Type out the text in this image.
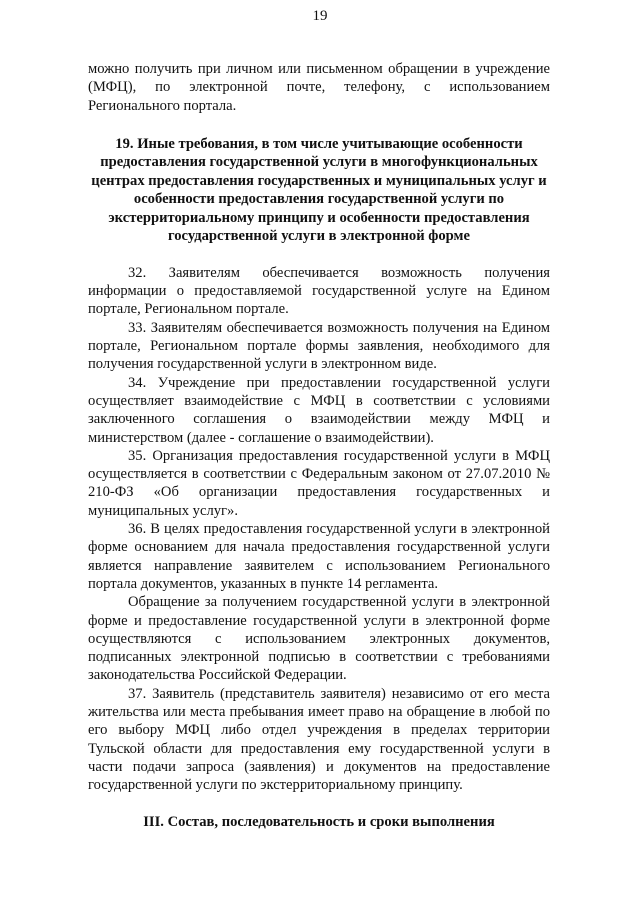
19

можно получить при личном или письменном обращении в учреждение (МФЦ), по электронной почте, телефону, с использованием Регионального портала.

19. Иные требования, в том числе учитывающие особенности предоставления государственной услуги в многофункциональных центрах предоставления государственных и муниципальных услуг и особенности предоставления государственной услуги по экстерриториальному принципу и особенности предоставления государственной услуги в электронной форме

32. Заявителям обеспечивается возможность получения информации о предоставляемой государственной услуге на Едином портале, Региональном портале.

33. Заявителям обеспечивается возможность получения на Едином портале, Региональном портале формы заявления, необходимого для получения государственной услуги в электронном виде.

34. Учреждение при предоставлении государственной услуги осуществляет взаимодействие с МФЦ в соответствии с условиями заключенного соглашения о взаимодействии между МФЦ и министерством (далее - соглашение о взаимодействии).

35. Организация предоставления государственной услуги в МФЦ осуществляется в соответствии с Федеральным законом от 27.07.2010 № 210-ФЗ «Об организации предоставления государственных и муниципальных услуг».

36. В целях предоставления государственной услуги в электронной форме основанием для начала предоставления государственной услуги является направление заявителем с использованием Регионального портала документов, указанных в пункте 14 регламента.

Обращение за получением государственной услуги в электронной форме и предоставление государственной услуги в электронной форме осуществляются с использованием электронных документов, подписанных электронной подписью в соответствии с требованиями законодательства Российской Федерации.

37. Заявитель (представитель заявителя) независимо от его места жительства или места пребывания имеет право на обращение в любой по его выбору МФЦ либо отдел учреждения в пределах территории Тульской области для предоставления ему государственной услуги в части подачи запроса (заявления) и документов на предоставление государственной услуги по экстерриториальному принципу.

III. Состав, последовательность и сроки выполнения
